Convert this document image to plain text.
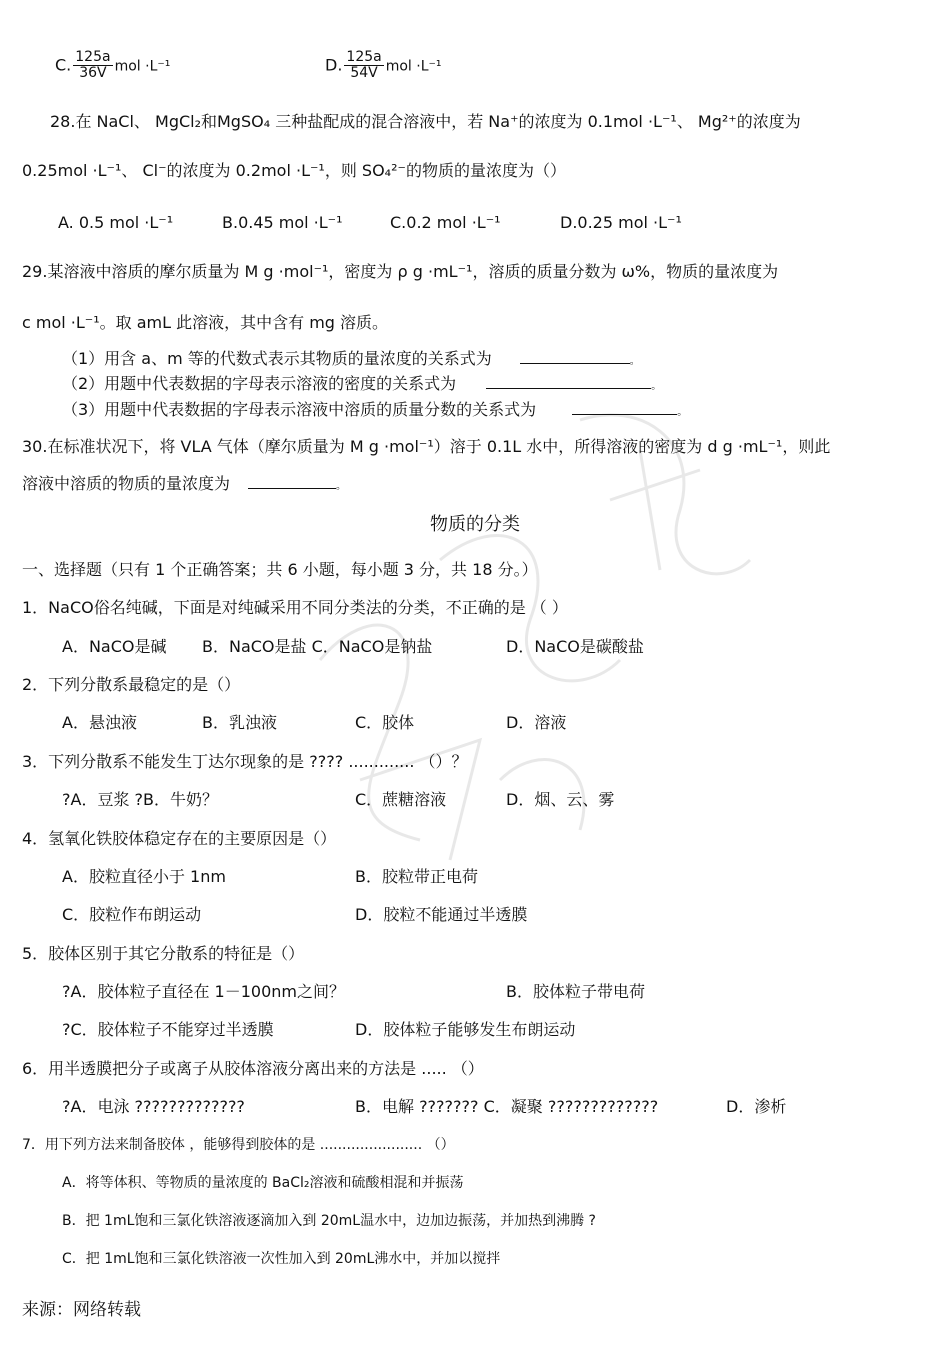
C. $\frac{125a}{36V}$ mol ·L⁻¹	D. $\frac{125a}{54V}$ mol ·L⁻¹
28.在 NaCl、 MgCl₂和MgSO₄ 三种盐配成的混合溶液中，若 Na⁺的浓度为 0.1mol ·L⁻¹、 Mg²⁺的浓度为
0.25mol ·L⁻¹、 Cl⁻的浓度为 0.2mol ·L⁻¹，则 SO₄²⁻的物质的量浓度为（）
A. 0.5 mol ·L⁻¹	B.0.45 mol ·L⁻¹	C.0.2 mol ·L⁻¹	D.0.25 mol ·L⁻¹
29.某溶液中溶质的摩尔质量为 M g ·mol⁻¹，密度为 ρ g ·mL⁻¹，溶质的质量分数为 ω%，物质的量浓度为
c mol ·L⁻¹。取 amL 此溶液，其中含有 mg 溶质。
（1）用含 a、m 等的代数式表示其物质的量浓度的关系式为	。
（2）用题中代表数据的字母表示溶液的密度的关系式为	。
（3）用题中代表数据的字母表示溶液中溶质的质量分数的关系式为	。
30.在标准状况下，将 VLA 气体（摩尔质量为 M g ·mol⁻¹）溶于 0.1L 水中，所得溶液的密度为 d g ·mL⁻¹，则此
溶液中溶质的物质的量浓度为	。
物质的分类
一、选择题（只有 1 个正确答案；共 6 小题，每小题 3 分，共 18 分。）
1．NaCO俗名纯碱，下面是对纯碱采用不同分类法的分类，不正确的是 （ ）
A．NaCO是碱 B．NaCO是盐 C．NaCO是钠盐	D．NaCO是碳酸盐
2．下列分散系最稳定的是（）
A．悬浊液	B．乳浊液	C．胶体	D．溶液
3．下列分散系不能发生丁达尔现象的是 ???? ............. （）？
?A．豆浆 ?B．牛奶？	C．蔗糖溶液	D．烟、云、雾
4．氢氧化铁胶体稳定存在的主要原因是（）
A．胶粒直径小于 1nm	B．胶粒带正电荷
C．胶粒作布朗运动	D．胶粒不能通过半透膜
5．胶体区别于其它分散系的特征是（）
?A．胶体粒子直径在 1－100nm之间？	B．胶体粒子带电荷
?C．胶体粒子不能穿过半透膜	D．胶体粒子能够发生布朗运动
6．用半透膜把分子或离子从胶体溶液分离出来的方法是 ..... （）
?A．电泳 ?????????????	B．电解 ??????? C．凝聚 ?????????????	D．渗析
7．用下列方法来制备胶体 ，能够得到胶体的是 ....................... （）
A．将等体积、等物质的量浓度的 BaCl₂溶液和硫酸相混和并振荡
B．把 1mL饱和三氯化铁溶液逐滴加入到 20mL温水中，边加边振荡，并加热到沸腾 ?
C．把 1mL饱和三氯化铁溶液一次性加入到 20mL沸水中，并加以搅拌
来源：网络转载
